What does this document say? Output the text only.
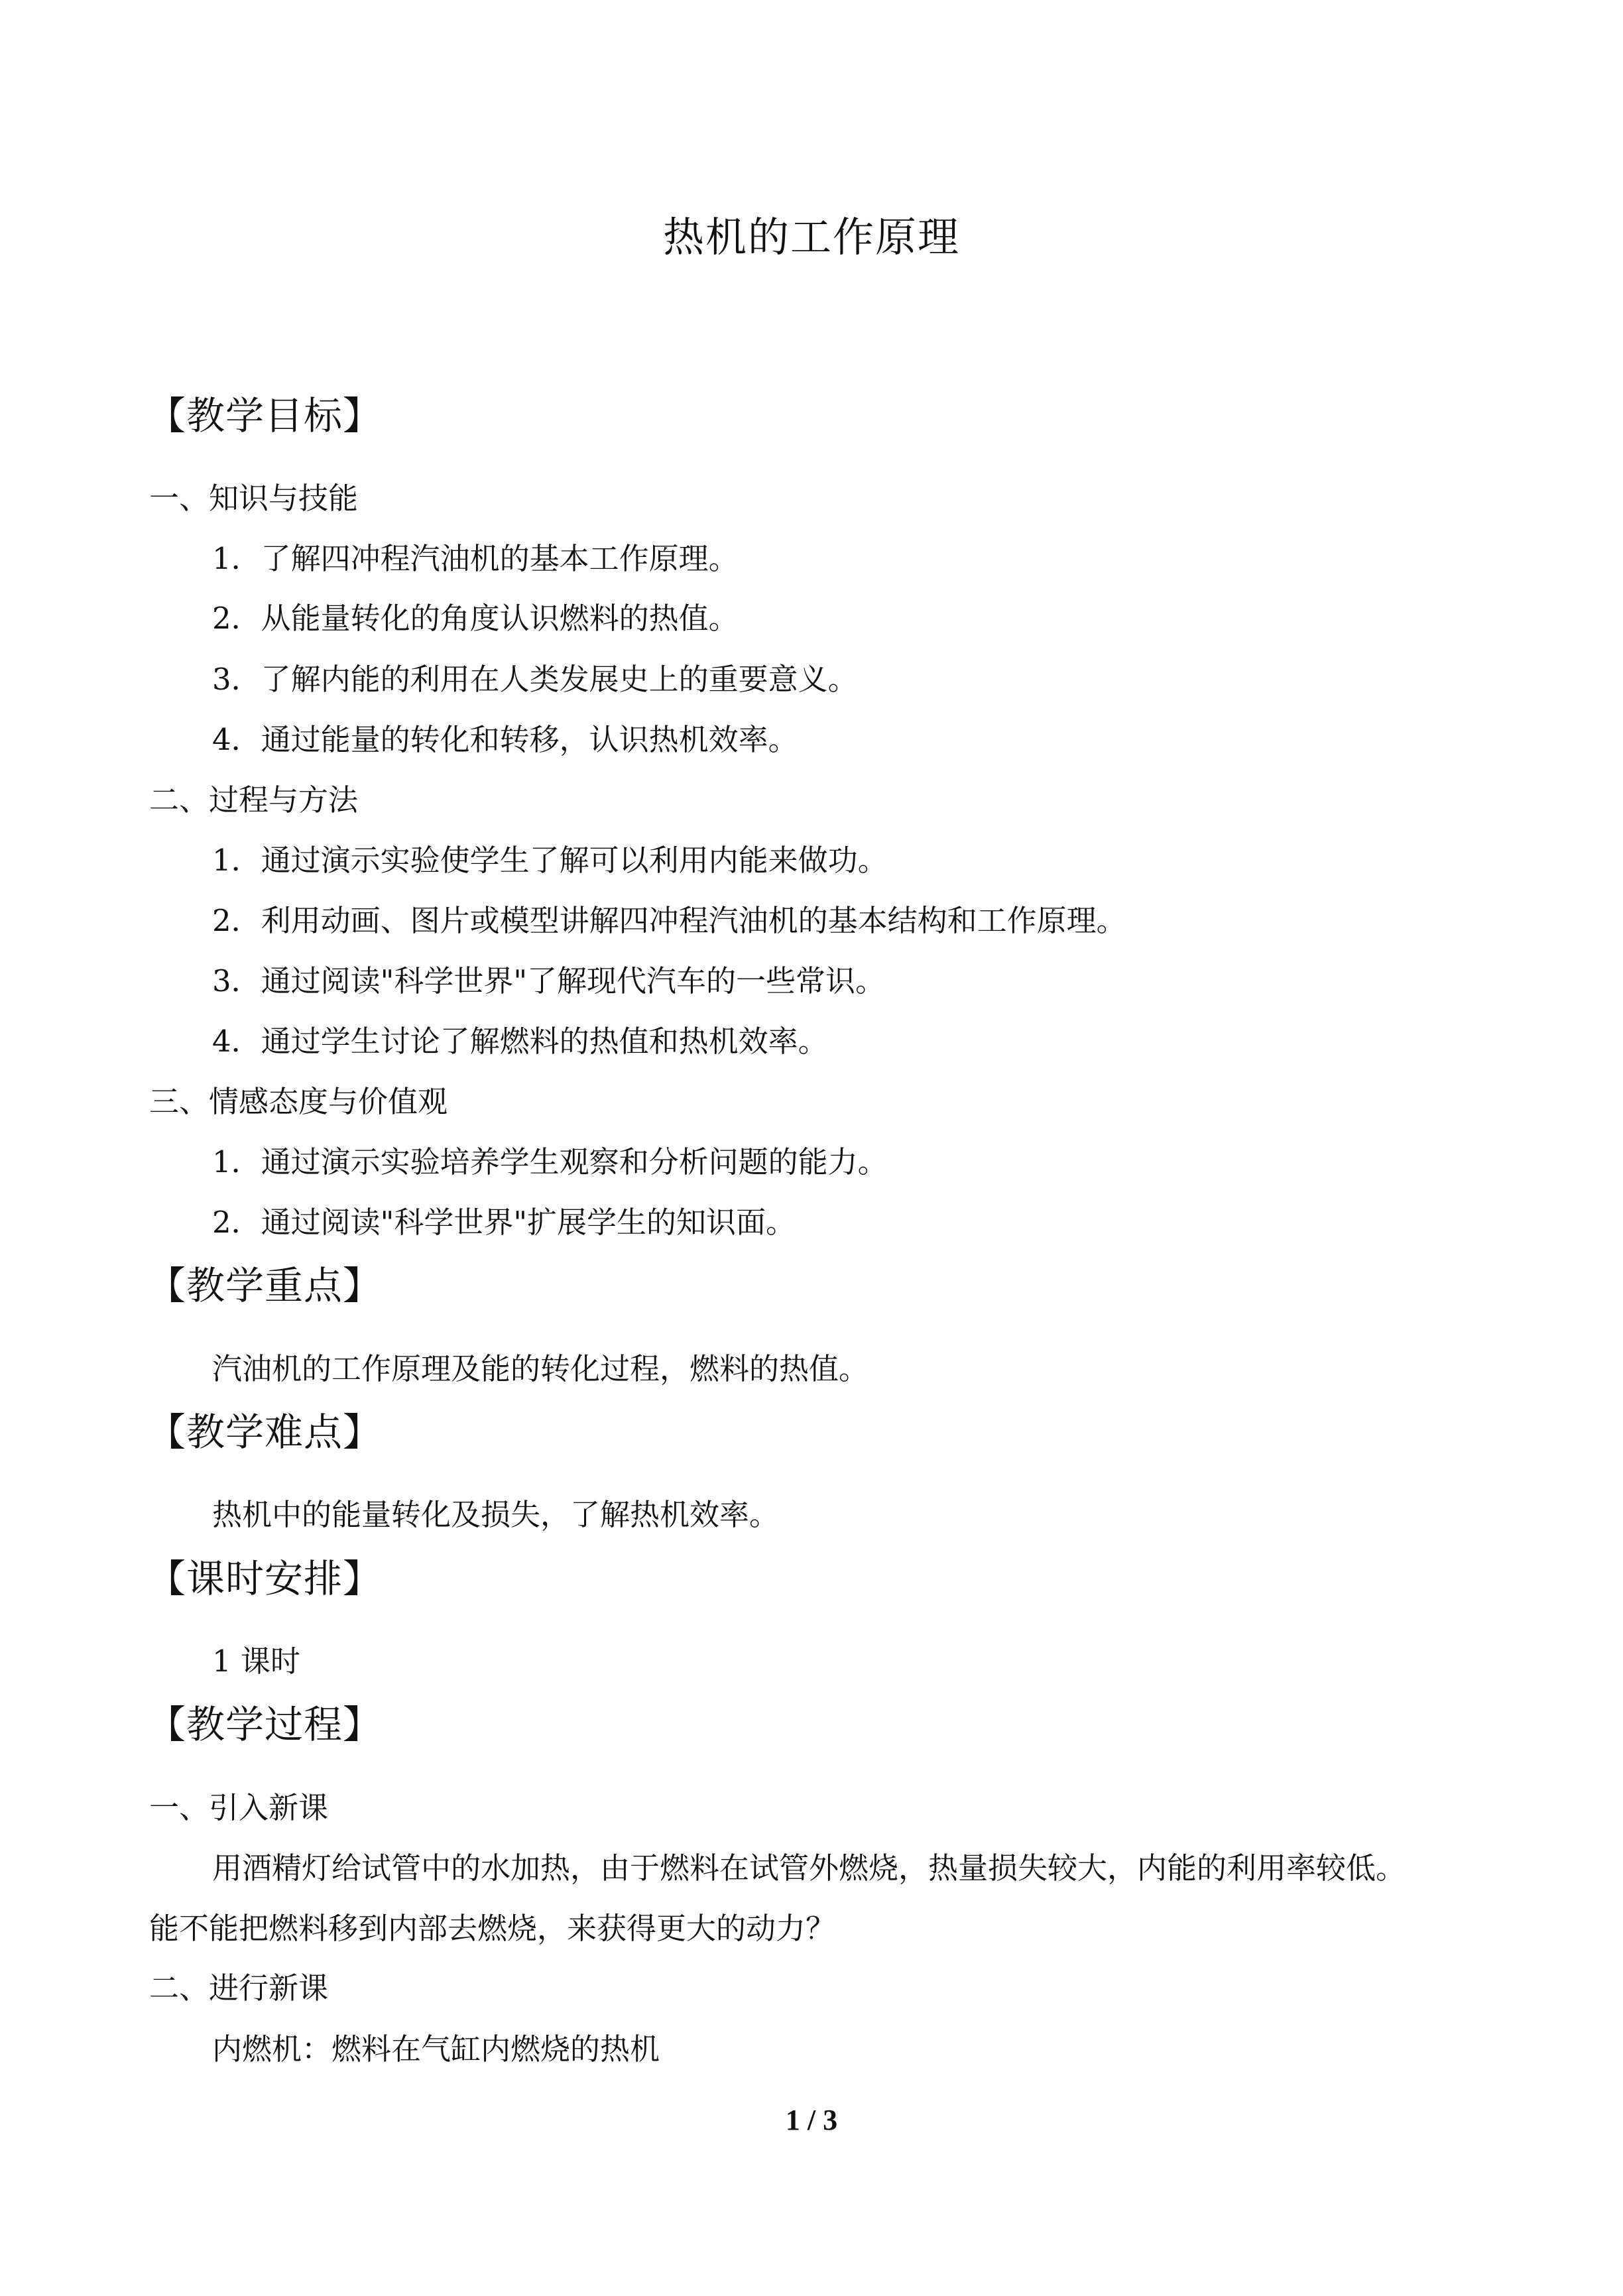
热机的工作原理
【教学目标】
一、知识与技能
1．了解四冲程汽油机的基本工作原理。
2．从能量转化的角度认识燃料的热值。
3．了解内能的利用在人类发展史上的重要意义。
4．通过能量的转化和转移，认识热机效率。
二、过程与方法
1．通过演示实验使学生了解可以利用内能来做功。
2．利用动画、图片或模型讲解四冲程汽油机的基本结构和工作原理。
3．通过阅读"科学世界"了解现代汽车的一些常识。
4．通过学生讨论了解燃料的热值和热机效率。
三、情感态度与价值观
1．通过演示实验培养学生观察和分析问题的能力。
2．通过阅读"科学世界"扩展学生的知识面。
【教学重点】
汽油机的工作原理及能的转化过程，燃料的热值。
【教学难点】
热机中的能量转化及损失，了解热机效率。
【课时安排】
1 课时
【教学过程】
一、引入新课
用酒精灯给试管中的水加热，由于燃料在试管外燃烧，热量损失较大，内能的利用率较低。
能不能把燃料移到内部去燃烧，来获得更大的动力？
二、进行新课
内燃机：燃料在气缸内燃烧的热机
1 / 3
